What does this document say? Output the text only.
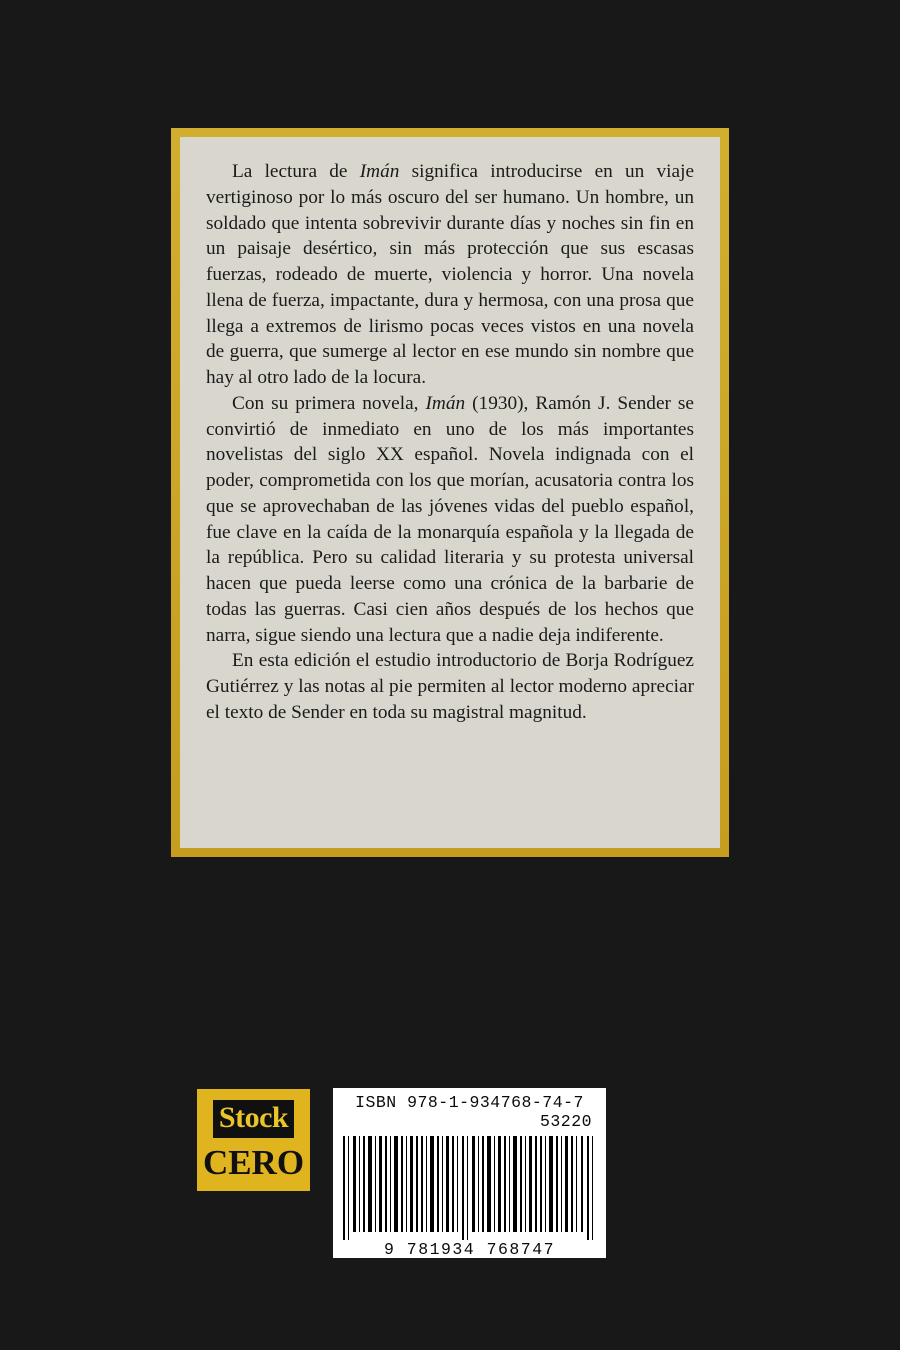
La lectura de Imán significa introducirse en un viaje vertiginoso por lo más oscuro del ser humano. Un hombre, un soldado que intenta sobrevivir durante días y noches sin fin en un paisaje desértico, sin más protección que sus escasas fuerzas, rodeado de muerte, violencia y horror. Una novela llena de fuerza, impactante, dura y hermosa, con una prosa que llega a extremos de lirismo pocas veces vistos en una novela de guerra, que sumerge al lector en ese mundo sin nombre que hay al otro lado de la locura.

Con su primera novela, Imán (1930), Ramón J. Sender se convirtió de inmediato en uno de los más importantes novelistas del siglo XX español. Novela indignada con el poder, comprometida con los que morían, acusatoria contra los que se aprovechaban de las jóvenes vidas del pueblo español, fue clave en la caída de la monarquía española y la llegada de la república. Pero su calidad literaria y su protesta universal hacen que pueda leerse como una crónica de la barbarie de todas las guerras. Casi cien años después de los hechos que narra, sigue siendo una lectura que a nadie deja indiferente.

En esta edición el estudio introductorio de Borja Rodríguez Gutiérrez y las notas al pie permiten al lector moderno apreciar el texto de Sender en toda su magistral magnitud.

Stock
CERO
ISBN 978-1-934768-74-7
53220
9 781934 768747
